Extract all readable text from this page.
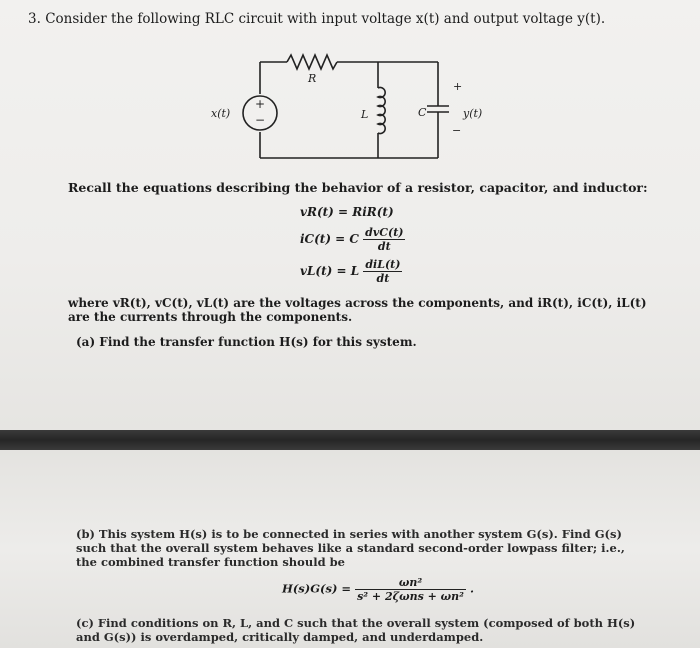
3. Consider the following RLC circuit with input voltage x(t) and output voltage y(t).
+
−
x(t)
R
L	C
+
−
y(t)
Recall the equations describing the behavior of a resistor, capacitor, and inductor:
vR(t) = RiR(t)
iC(t) = C $\frac{\text{dvC(t)}}{dt}$
vL(t) = L $\frac{\text{diL(t)}}{dt}$
where vR(t), vC(t), vL(t) are the voltages across the components, and iR(t), iC(t), iL(t) are the currents through the components.
(a) Find the transfer function H(s) for this system.
(b) This system H(s) is to be connected in series with another system G(s). Find G(s) such that the overall system behaves like a standard second-order lowpass filter; i.e., the combined transfer function should be
$H(s)G(s) = \frac{\text{ωn²}}{\text{s² + 2ζωns + ωn²}}$ .
(c) Find conditions on R, L, and C such that the overall system (composed of both H(s) and G(s)) is overdamped, critically damped, and underdamped.
